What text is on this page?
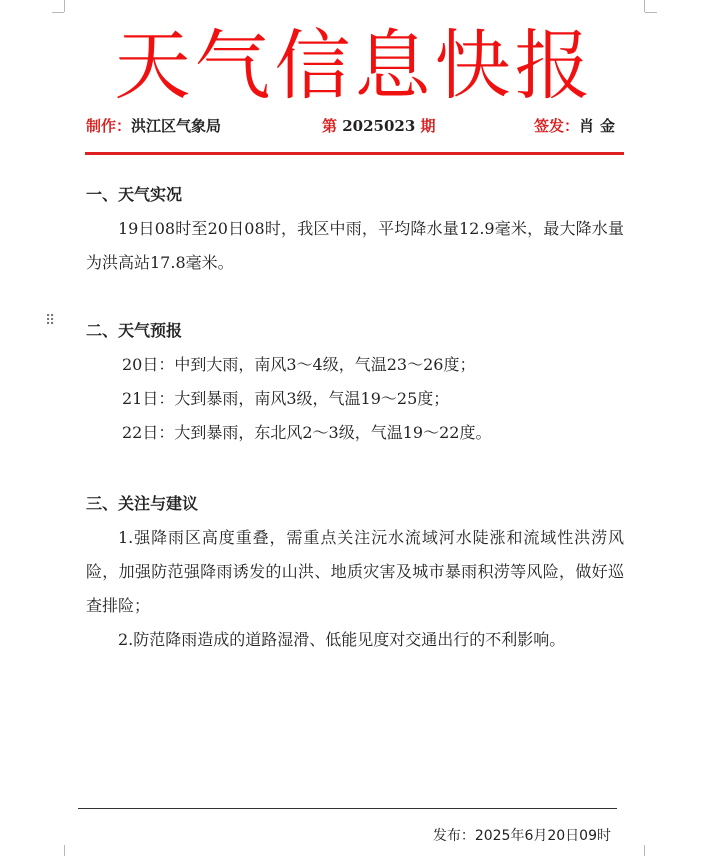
天气信息快报
制作：洪江区气象局	第 2025023 期	签发：肖金
⠿
一、天气实况

19日08时至20日08时，我区中雨，平均降水量12.9毫米，最大降水量为洪高站17.8毫米。

二、天气预报

20日：中到大雨，南风3～4级，气温23～26度；

21日：大到暴雨，南风3级，气温19～25度；

22日：大到暴雨，东北风2～3级，气温19～22度。

三、关注与建议

1.强降雨区高度重叠，需重点关注沅水流域河水陡涨和流域性洪涝风险，加强防范强降雨诱发的山洪、地质灾害及城市暴雨积涝等风险，做好巡查排险；

2.防范降雨造成的道路湿滑、低能见度对交通出行的不利影响。

发布：2025年6月20日09时
